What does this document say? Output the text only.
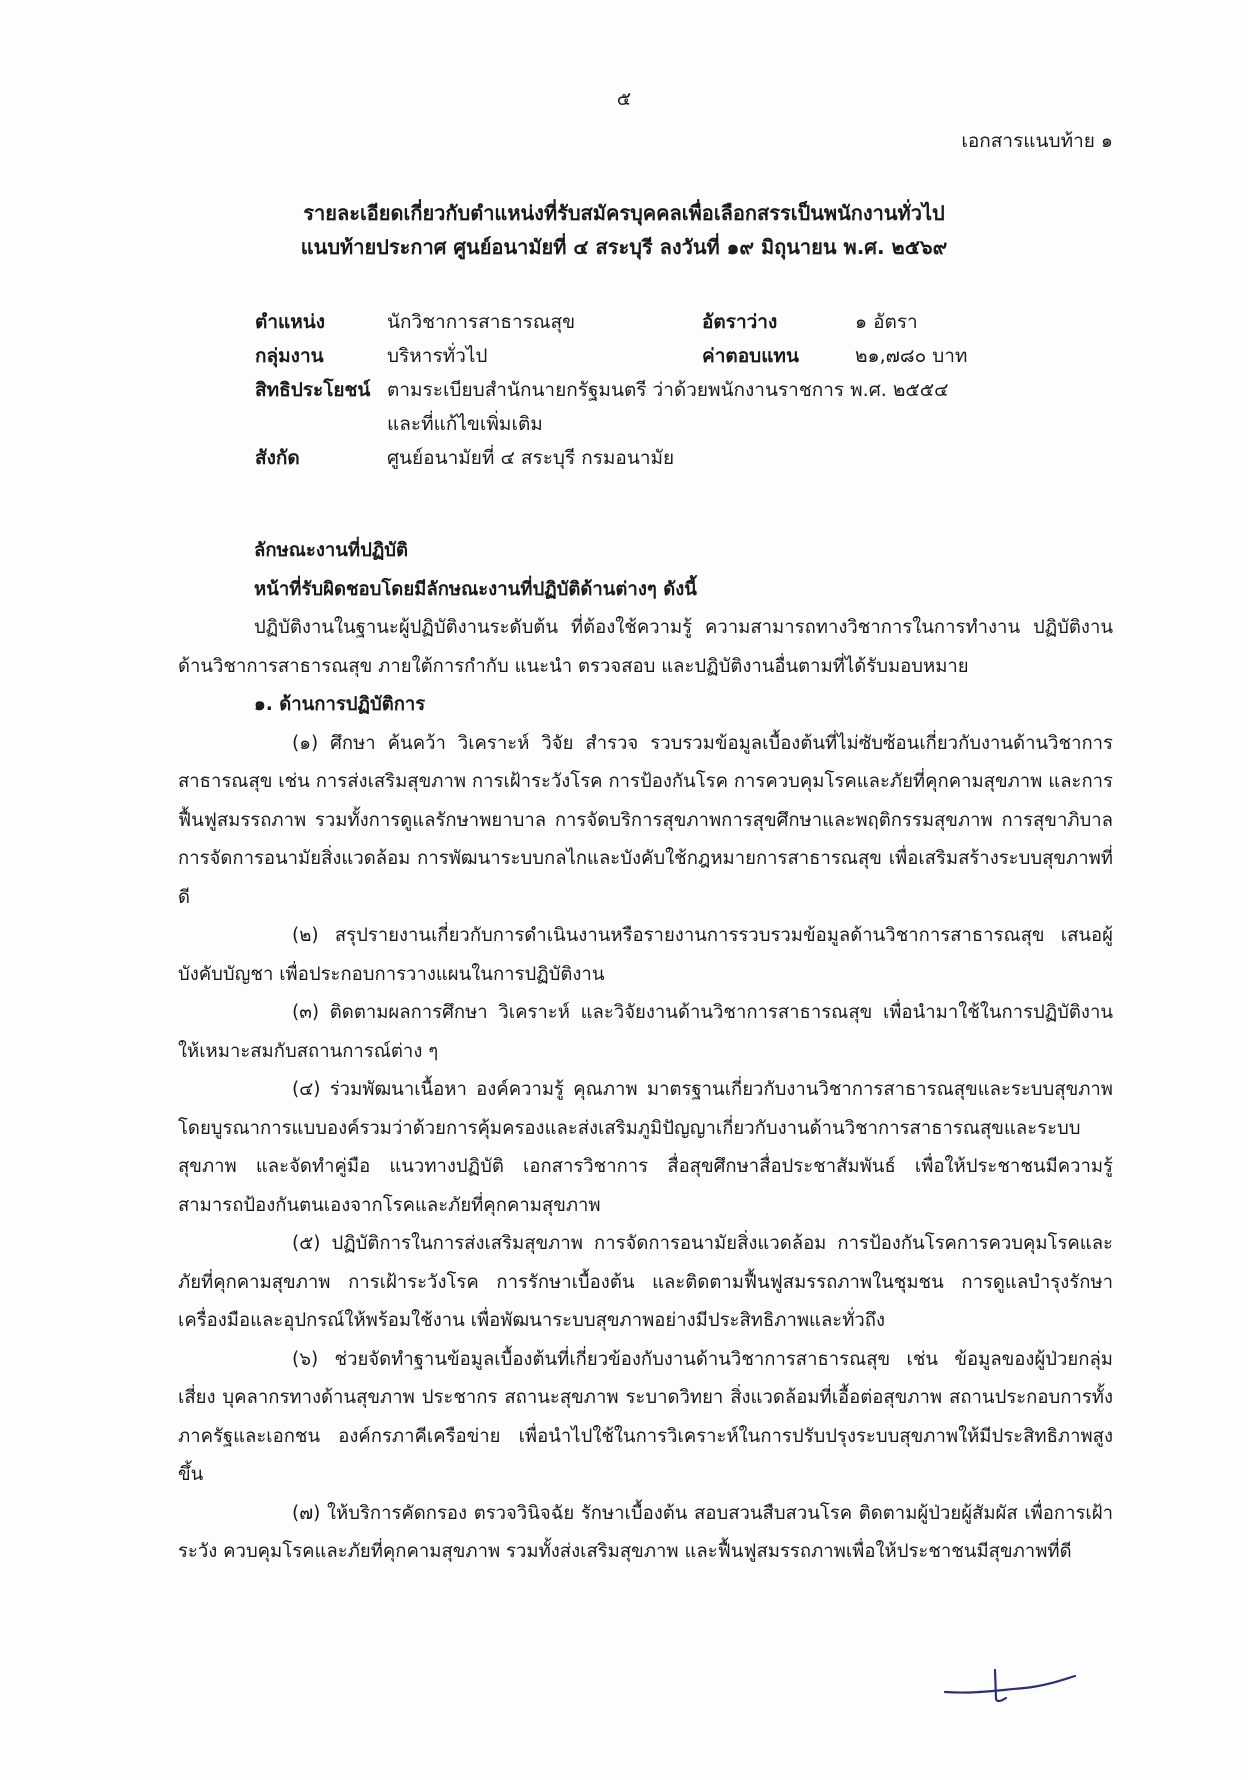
๕
เอกสารแนบท้าย ๑
รายละเอียดเกี่ยวกับตำแหน่งที่รับสมัครบุคคลเพื่อเลือกสรรเป็นพนักงานทั่วไป
แนบท้ายประกาศ ศูนย์อนามัยที่ ๔ สระบุรี ลงวันที่ ๑๙ มิถุนายน พ.ศ. ๒๕๖๙
ตำแหน่ง	นักวิชาการสาธารณสุข	อัตราว่าง	๑ อัตรา
กลุ่มงาน	บริหารทั่วไป	ค่าตอบแทน	๒๑,๗๘๐ บาท
สิทธิประโยชน์ ตามระเบียบสำนักนายกรัฐมนตรี ว่าด้วยพนักงานราชการ พ.ศ. ๒๕๕๔
และที่แก้ไขเพิ่มเติม
สังกัด	ศูนย์อนามัยที่ ๔ สระบุรี กรมอนามัย
ลักษณะงานที่ปฏิบัติ
หน้าที่รับผิดชอบโดยมีลักษณะงานที่ปฏิบัติด้านต่างๆ ดังนี้

ปฏิบัติงานในฐานะผู้ปฏิบัติงานระดับต้น ที่ต้องใช้ความรู้ ความสามารถทางวิชาการในการทำงาน ปฏิบัติงานด้านวิชาการสาธารณสุข ภายใต้การกำกับ แนะนำ ตรวจสอบ และปฏิบัติงานอื่นตามที่ได้รับมอบหมาย

๑. ด้านการปฏิบัติการ

(๑) ศึกษา ค้นคว้า วิเคราะห์ วิจัย สำรวจ รวบรวมข้อมูลเบื้องต้นที่ไม่ซับซ้อนเกี่ยวกับงานด้านวิชาการสาธารณสุข เช่น การส่งเสริมสุขภาพ การเฝ้าระวังโรค การป้องกันโรค การควบคุมโรคและภัยที่คุกคามสุขภาพ และการฟื้นฟูสมรรถภาพ รวมทั้งการดูแลรักษาพยาบาล การจัดบริการสุขภาพการสุขศึกษาและพฤติกรรมสุขภาพ การสุขาภิบาล การจัดการอนามัยสิ่งแวดล้อม การพัฒนาระบบกลไกและบังคับใช้กฎหมายการสาธารณสุข เพื่อเสริมสร้างระบบสุขภาพที่ดี

(๒) สรุปรายงานเกี่ยวกับการดำเนินงานหรือรายงานการรวบรวมข้อมูลด้านวิชาการสาธารณสุข เสนอผู้บังคับบัญชา เพื่อประกอบการวางแผนในการปฏิบัติงาน

(๓) ติดตามผลการศึกษา วิเคราะห์ และวิจัยงานด้านวิชาการสาธารณสุข เพื่อนำมาใช้ในการปฏิบัติงานให้เหมาะสมกับสถานการณ์ต่าง ๆ

(๔) ร่วมพัฒนาเนื้อหา องค์ความรู้ คุณภาพ มาตรฐานเกี่ยวกับงานวิชาการสาธารณสุขและระบบสุขภาพ โดยบูรณาการแบบองค์รวมว่าด้วยการคุ้มครองและส่งเสริมภูมิปัญญาเกี่ยวกับงานด้านวิชาการสาธารณสุขและระบบสุขภาพ และจัดทำคู่มือ แนวทางปฏิบัติ เอกสารวิชาการ สื่อสุขศึกษาสื่อประชาสัมพันธ์ เพื่อให้ประชาชนมีความรู้ สามารถป้องกันตนเองจากโรคและภัยที่คุกคามสุขภาพ

(๕) ปฏิบัติการในการส่งเสริมสุขภาพ การจัดการอนามัยสิ่งแวดล้อม การป้องกันโรคการควบคุมโรคและภัยที่คุกคามสุขภาพ การเฝ้าระวังโรค การรักษาเบื้องต้น และติดตามฟื้นฟูสมรรถภาพในชุมชน การดูแลบำรุงรักษาเครื่องมือและอุปกรณ์ให้พร้อมใช้งาน เพื่อพัฒนาระบบสุขภาพอย่างมีประสิทธิภาพและทั่วถึง

(๖) ช่วยจัดทำฐานข้อมูลเบื้องต้นที่เกี่ยวข้องกับงานด้านวิชาการสาธารณสุข เช่น ข้อมูลของผู้ป่วยกลุ่มเสี่ยง บุคลากรทางด้านสุขภาพ ประชากร สถานะสุขภาพ ระบาดวิทยา สิ่งแวดล้อมที่เอื้อต่อสุขภาพ สถานประกอบการทั้งภาครัฐและเอกชน องค์กรภาคีเครือข่าย เพื่อนำไปใช้ในการวิเคราะห์ในการปรับปรุงระบบสุขภาพให้มีประสิทธิภาพสูงขึ้น

(๗) ให้บริการคัดกรอง ตรวจวินิจฉัย รักษาเบื้องต้น สอบสวนสืบสวนโรค ติดตามผู้ป่วยผู้สัมผัส เพื่อการเฝ้าระวัง ควบคุมโรคและภัยที่คุกคามสุขภาพ รวมทั้งส่งเสริมสุขภาพ และฟื้นฟูสมรรถภาพเพื่อให้ประชาชนมีสุขภาพที่ดี
